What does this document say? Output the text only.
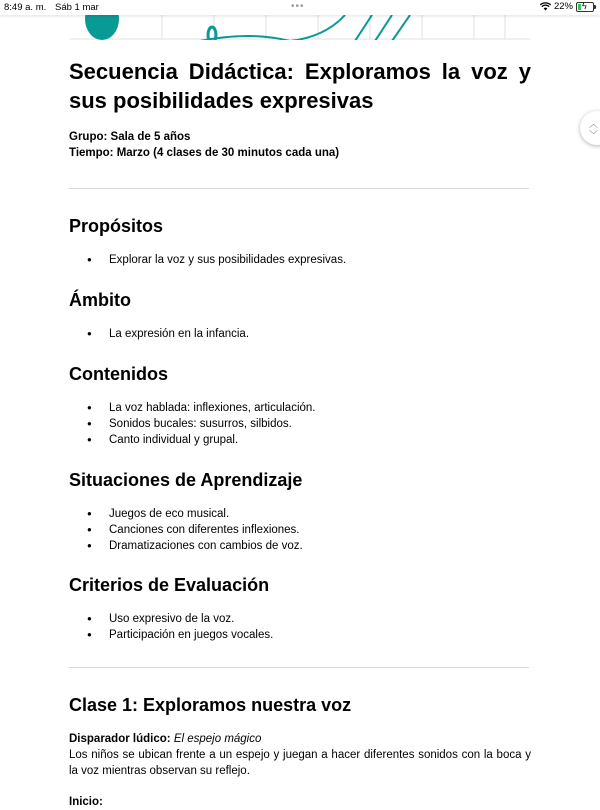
8:49 a. m. Sáb 1 mar	•••	22% ϟ
︿
﹀
Secuencia Didáctica: Exploramos la voz y sus posibilidades expresivas
Grupo: Sala de 5 años
Tiempo: Marzo (4 clases de 30 minutos cada una)
Propósitos
● Explorar la voz y sus posibilidades expresivas.
Ámbito
● La expresión en la infancia.
Contenidos
● La voz hablada: inflexiones, articulación.
● Sonidos bucales: susurros, silbidos.
● Canto individual y grupal.
Situaciones de Aprendizaje
● Juegos de eco musical.
● Canciones con diferentes inflexiones.
● Dramatizaciones con cambios de voz.
Criterios de Evaluación
● Uso expresivo de la voz.
● Participación en juegos vocales.
Clase 1: Exploramos nuestra voz
Disparador lúdico: El espejo mágico
Los niños se ubican frente a un espejo y juegan a hacer diferentes sonidos con la boca y la voz mientras observan su reflejo.
Inicio:
